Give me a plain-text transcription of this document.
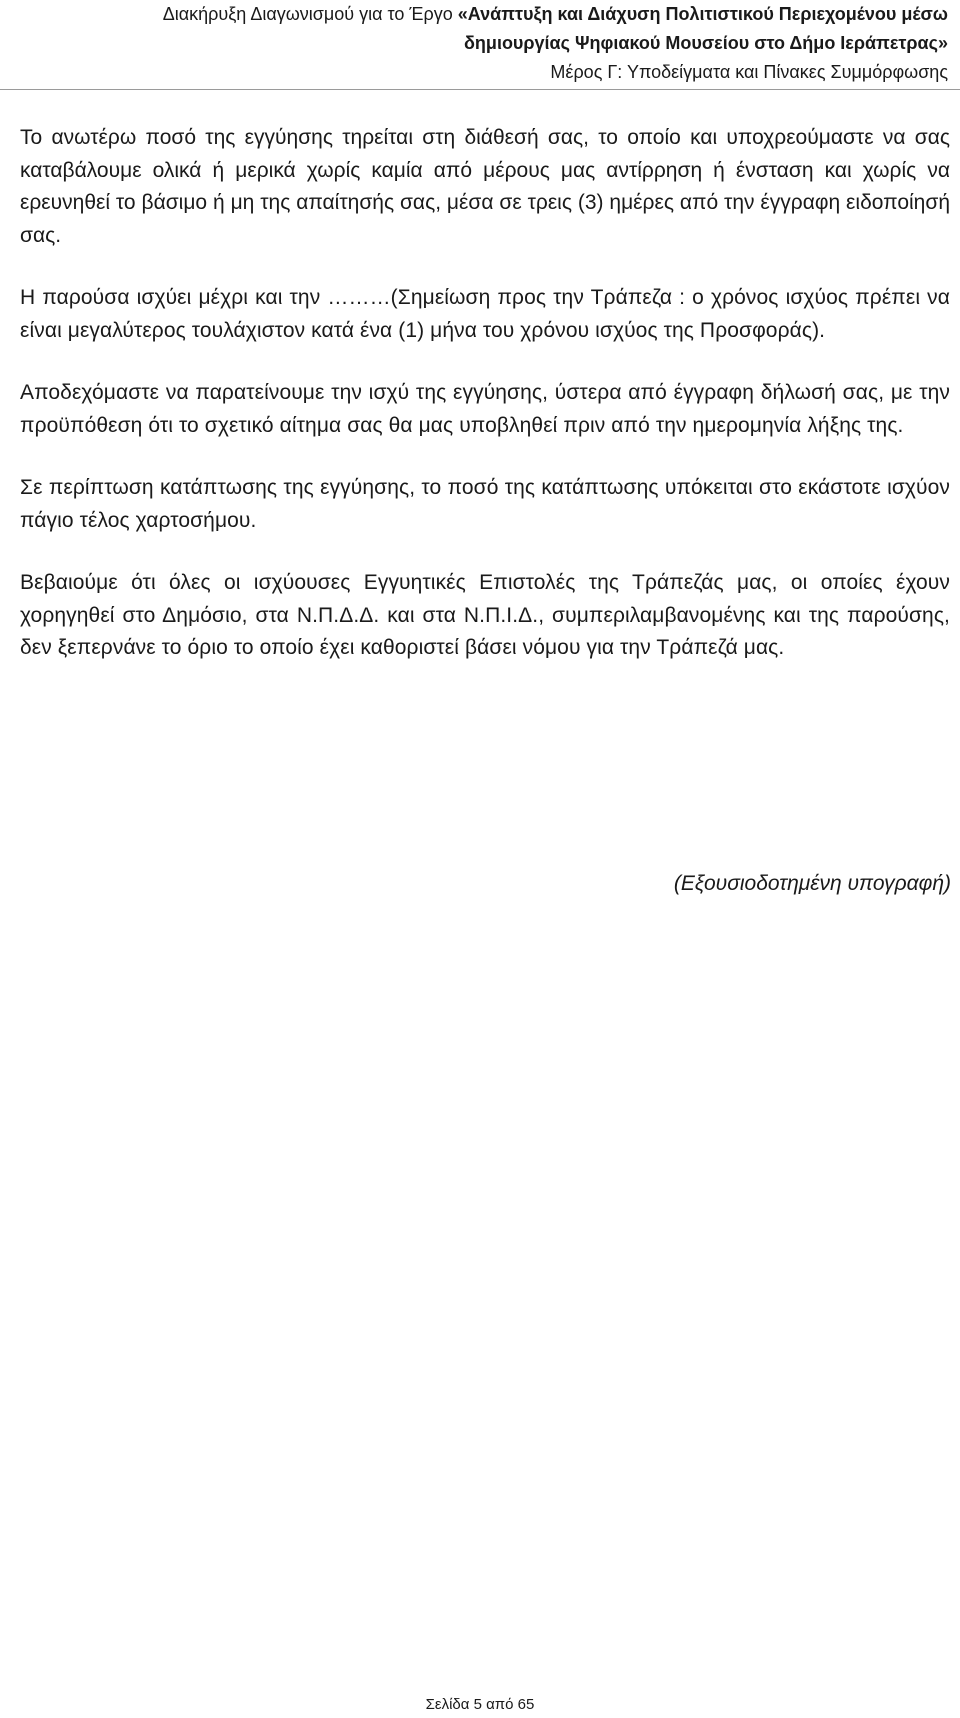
Διακήρυξη Διαγωνισμού για το Έργο «Ανάπτυξη και Διάχυση Πολιτιστικού Περιεχομένου μέσω
δημιουργίας Ψηφιακού Μουσείου στο Δήμο Ιεράπετρας»
Μέρος Γ: Υποδείγματα και Πίνακες Συμμόρφωσης

Το ανωτέρω ποσό της εγγύησης τηρείται στη διάθεσή σας, το οποίο και υποχρεούμαστε να σας καταβάλουμε ολικά ή μερικά χωρίς καμία από μέρους μας αντίρρηση ή ένσταση και χωρίς να ερευνηθεί το βάσιμο ή μη της απαίτησής σας, μέσα σε τρεις (3) ημέρες από την έγγραφη ειδοποίησή σας.

Η παρούσα ισχύει μέχρι και την ………(Σημείωση προς την Τράπεζα : ο χρόνος ισχύος πρέπει να είναι μεγαλύτερος τουλάχιστον κατά ένα (1) μήνα του χρόνου ισχύος της Προσφοράς).

Αποδεχόμαστε να παρατείνουμε την ισχύ της εγγύησης, ύστερα από έγγραφη δήλωσή σας, με την προϋπόθεση ότι το σχετικό αίτημα σας θα μας υποβληθεί πριν από την ημερομηνία λήξης της.

Σε περίπτωση κατάπτωσης της εγγύησης, το ποσό της κατάπτωσης υπόκειται στο εκάστοτε ισχύον πάγιο τέλος χαρτοσήμου.

Βεβαιούμε ότι όλες οι ισχύουσες Εγγυητικές Επιστολές της Τράπεζάς μας, οι οποίες έχουν χορηγηθεί στο Δημόσιο, στα Ν.Π.Δ.Δ. και στα Ν.Π.Ι.Δ., συμπεριλαμβανομένης και της παρούσης, δεν ξεπερνάνε το όριο το οποίο έχει καθοριστεί βάσει νόμου για την Τράπεζά μας.

(Εξουσιοδοτημένη υπογραφή)
Σελίδα 5 από 65
